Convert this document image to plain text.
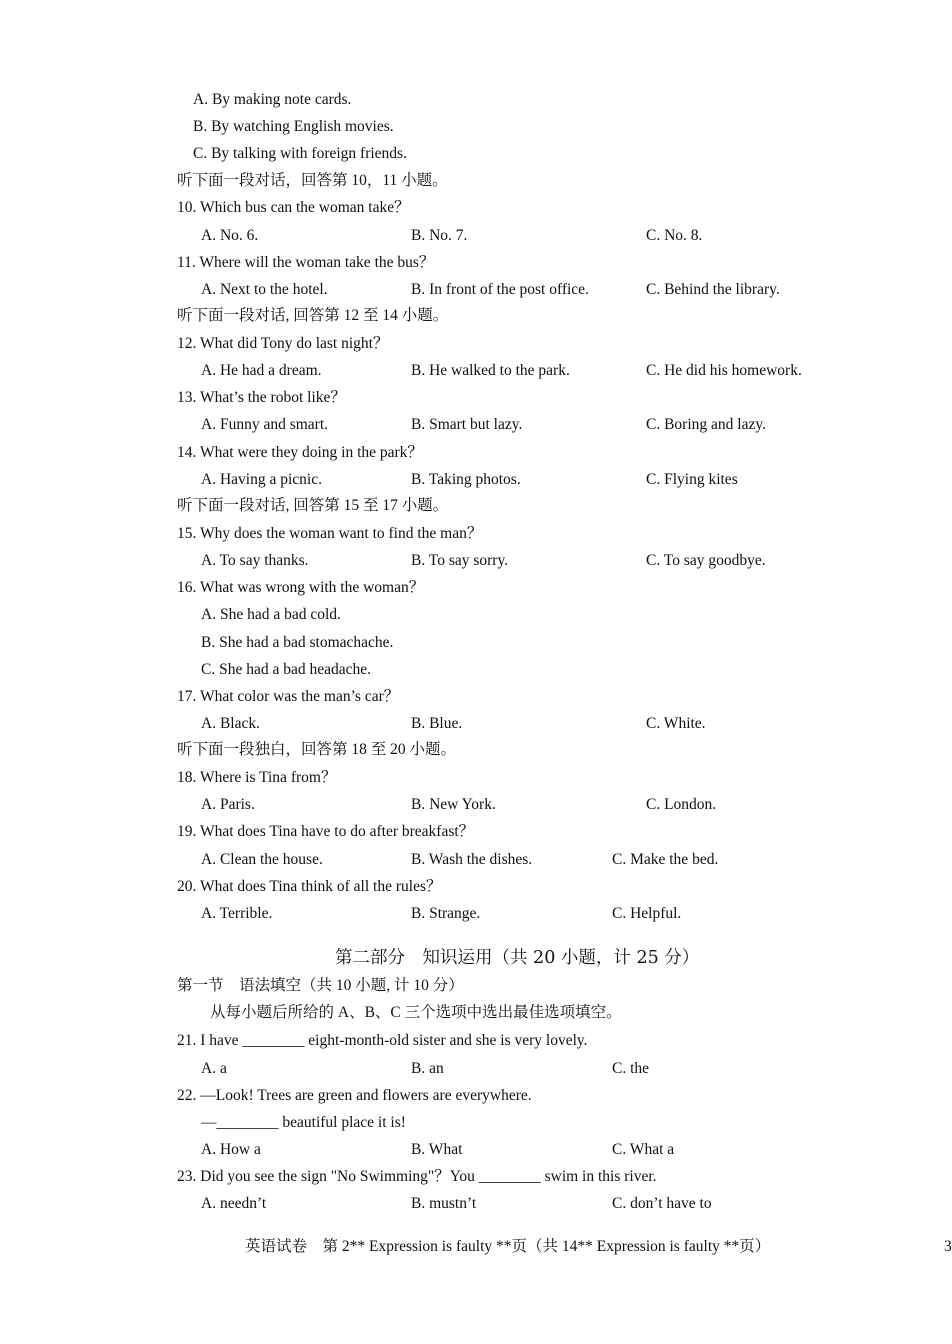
A. By making note cards.
B. By watching English movies.
C. By talking with foreign friends.
听下面一段对话，回答第 10，11 小题。
10. Which bus can the woman take？
A. No. 6.	B. No. 7.	C. No. 8.
11. Where will the woman take the bus？
A. Next to the hotel.	B. In front of the post office.	C. Behind the library.
听下面一段对话, 回答第 12 至 14 小题。
12. What did Tony do last night？
A. He had a dream.	B. He walked to the park.	C. He did his homework.
13. What’s the robot like？
A. Funny and smart.	B. Smart but lazy.	C. Boring and lazy.
14. What were they doing in the park？
A. Having a picnic.	B. Taking photos.	C. Flying kites
听下面一段对话, 回答第 15 至 17 小题。
15. Why does the woman want to find the man？
A. To say thanks.	B. To say sorry.	C. To say goodbye.
16. What was wrong with the woman？
A. She had a bad cold.
B. She had a bad stomachache.
C. She had a bad headache.
17. What color was the man’s car？
A. Black.	B. Blue.	C. White.
听下面一段独白，回答第 18 至 20 小题。
18. Where is Tina from？
A. Paris.	B. New York.	C. London.
19. What does Tina have to do after breakfast？
A. Clean the house.	B. Wash the dishes.	C. Make the bed.
20. What does Tina think of all the rules？
A. Terrible.	B. Strange.	C. Helpful.
第二部分　知识运用（共 20 小题，计 25 分）
第一节　语法填空（共 10 小题, 计 10 分）
从每小题后所给的 A、B、C 三个选项中选出最佳选项填空。
21. I have ________ eight-month-old sister and she is very lovely.
A. a	B. an	C. the
22. —Look! Trees are green and flowers are everywhere.
—________ beautiful place it is!
A. How a	B. What	C. What a
23. Did you see the sign "No Swimming"？You ________ swim in this river.
A. needn’t	B. mustn’t	C. don’t have to
英语试卷　第 2** Expression is faulty **页（共 14** Expression is faulty **页）	3
